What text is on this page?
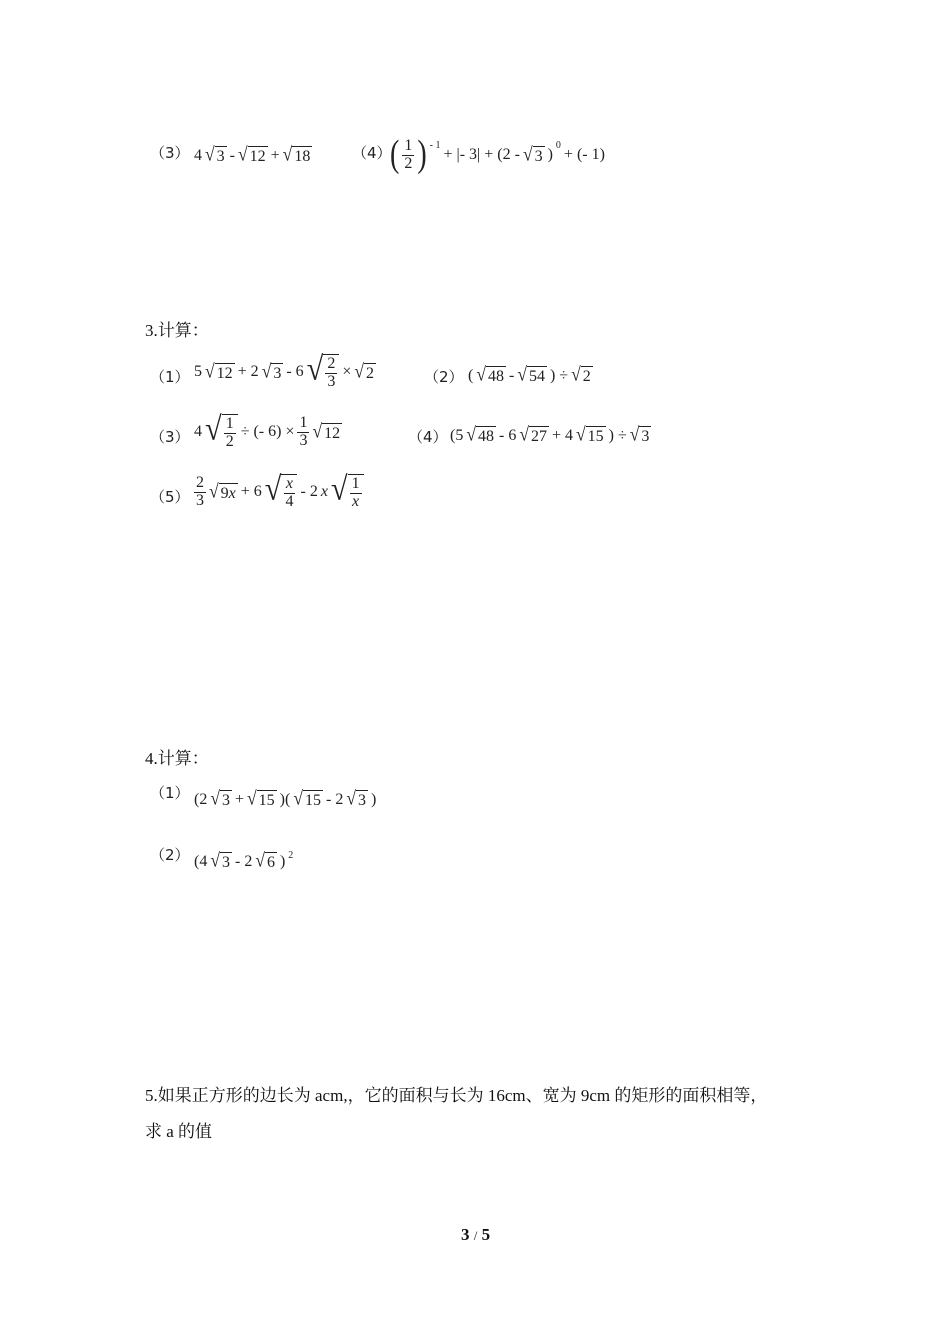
（3） 4 √ 3 - √ 12 + √ 18	（4）
( $\frac{1}{2}$ ) - 1
+ |- 3| + (2 - √ 3 )
0
+ (- 1)
3.计算：
（1） 5 √ 12 + 2 √ 3 - 6 √ $\frac{2}{3}$ × √ 2	（2） ( √ 48 - √ 54 ) ÷ √ 2
（3） 4 √ $\frac{1}{2}$ ÷ (- $6) \times \frac{1}{3}$ √ 12	（4） (5 √ 48 - 6 √ 27 + 4 √ 15 ) ÷ √ 3
$(5) \frac{2}{3}$ √ 9x + 6 √ $\frac{x}{4} - 2$ x √ $\frac{1}{x}$
4.计算：
（1） (2 √ 3 + √ 15 )( √ 15 - 2 √ 3 )
（2） (4 √ 3 - 2 √ 6 ) 2
5.如果正方形的边长为 acm,，它的面积与长为 16cm、宽为 9cm 的矩形的面积相等，
求 a 的值
3 / 5
